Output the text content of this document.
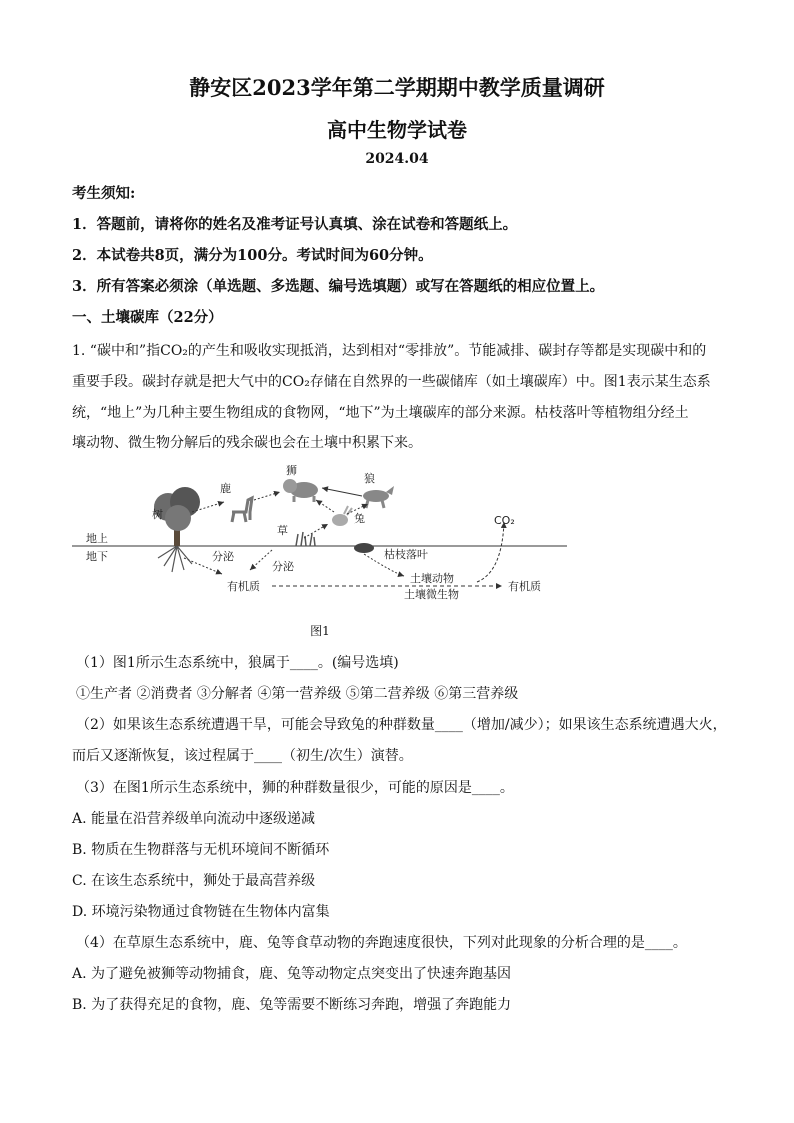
静安区2023学年第二学期期中教学质量调研
高中生物学试卷
2024.04
考生须知:
1．答题前，请将你的姓名及准考证号认真填、涂在试卷和答题纸上。
2．本试卷共8页，满分为100分。考试时间为60分钟。
3．所有答案必须涂（单选题、多选题、编号选填题）或写在答题纸的相应位置上。
一、土壤碳库（22分）
1. “碳中和”指CO₂的产生和吸收实现抵消，达到相对“零排放”。节能减排、碳封存等都是实现碳中和的
重要手段。碳封存就是把大气中的CO₂存储在自然界的一些碳储库（如土壤碳库）中。图1表示某生态系
统，“地上”为几种主要生物组成的食物网，“地下”为土壤碳库的部分来源。枯枝落叶等植物组分经土
壤动物、微生物分解后的残余碳也会在土壤中积累下来。
树
鹿
狮
狼
草
兔	CO₂
地上
地下	分泌
分泌
枯枝落叶
有机质	有机质
土壤动物
土壤微生物
图1
（1）图1所示生态系统中，狼属于____。(编号选填)
①生产者 ②消费者 ③分解者 ④第一营养级 ⑤第二营养级 ⑥第三营养级
（2）如果该生态系统遭遇干旱，可能会导致兔的种群数量____（增加/减少）；如果该生态系统遭遇大火，
而后又逐渐恢复，该过程属于____（初生/次生）演替。
（3）在图1所示生态系统中，狮的种群数量很少，可能的原因是____。
A. 能量在沿营养级单向流动中逐级递减
B. 物质在生物群落与无机环境间不断循环
C. 在该生态系统中，狮处于最高营养级
D. 环境污染物通过食物链在生物体内富集
（4）在草原生态系统中，鹿、兔等食草动物的奔跑速度很快，下列对此现象的分析合理的是____。
A. 为了避免被狮等动物捕食，鹿、兔等动物定点突变出了快速奔跑基因
B. 为了获得充足的食物，鹿、兔等需要不断练习奔跑，增强了奔跑能力
